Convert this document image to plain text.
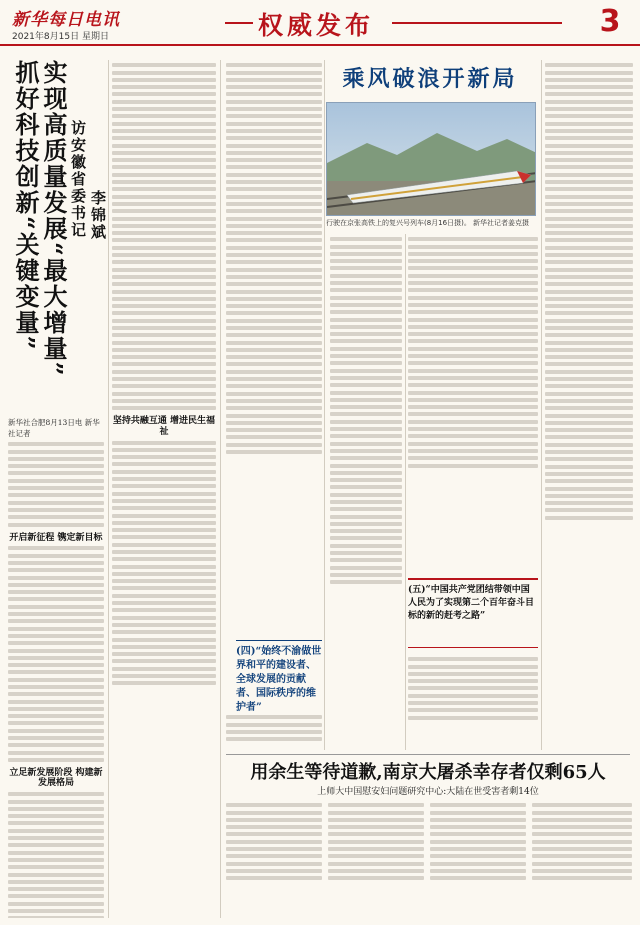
新华每日电讯
2021年8月15日 星期日	权威发布	3
抓好科技创新“关键变量” 实现高质量发展“最大增量” 访安徽省委书记 李锦斌

新华社合肥8月13日电 新华社记者

开启新征程 镌定新目标

立足新发展阶段 构建新发展格局

坚持共融互通 增进民生福祉

(四)“始终不渝做世界和平的建设者、全球发展的贡献者、国际秩序的维护者”
乘风破浪开新局
行驶在京张高铁上的复兴号列车(8月16日摄)。 新华社记者姜克摄
(五)“中国共产党团结带领中国人民为了实现第二个百年奋斗目标的新的赶考之路”
用余生等待道歉,南京大屠杀幸存者仅剩65人
上师大中国慰安妇问题研究中心:大陆在世受害者剩14位
